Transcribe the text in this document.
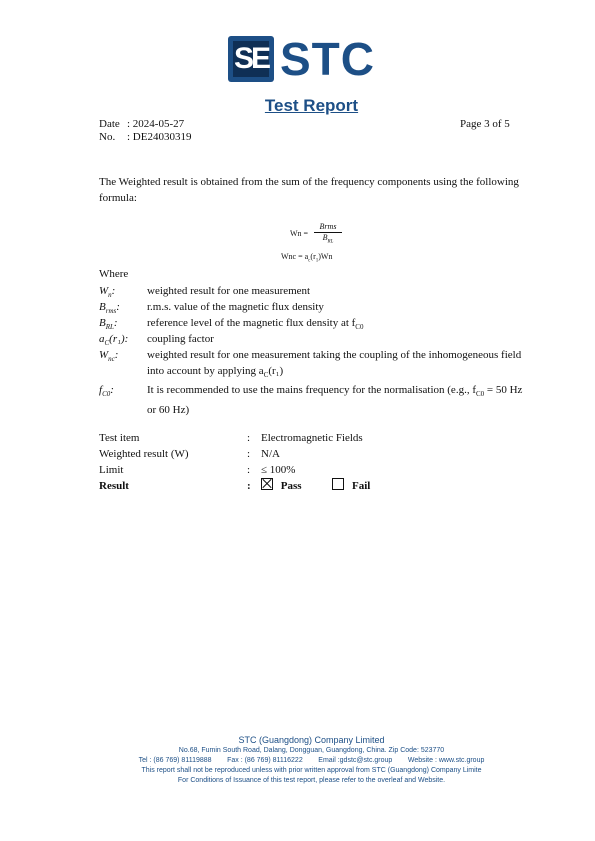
SE STC
Test Report
Date : 2024-05-27
No. : DE24030319
Page 3 of 5
The Weighted result is obtained from the sum of the frequency components using the following formula:
Wn =
Brms
$B_{RL}$
Wnc = $a_c(r_1)Wn$
Where
$W_n$:	weighted result for one measurement
$B_{rms}$: r.m.s. value of the magnetic flux density
$B_{RL}$:	reference level of the magnetic flux density at $f_{C0}$
$a_C(r_1)$: coupling factor
$W_{nc}$:	weighted result for one measurement taking the coupling of the inhomogeneous field into account by applying $a_C(r_1)$
$f_{C0}$:	It is recommended to use the mains frequency for the normalisation (e.g., $f_{C0} = 50$ Hz or 60 Hz)
Test item	: Electromagnetic Fields
Weighted result (W)	: N/A
Limit	: ≤ 100%
Result	:	Pass	Fail
STC (Guangdong) Company Limited
No.68, Fumin South Road, Dalang, Dongguan, Guangdong, China. Zip Code: 523770
Tel : (86 769) 81119888        Fax : (86 769) 81116222        Email :gdstc@stc.group        Website : www.stc.group
This report shall not be reproduced unless with prior written approval from STC (Guangdong) Company Limite
For Conditions of Issuance of this test report, please refer to the overleaf and Website.
